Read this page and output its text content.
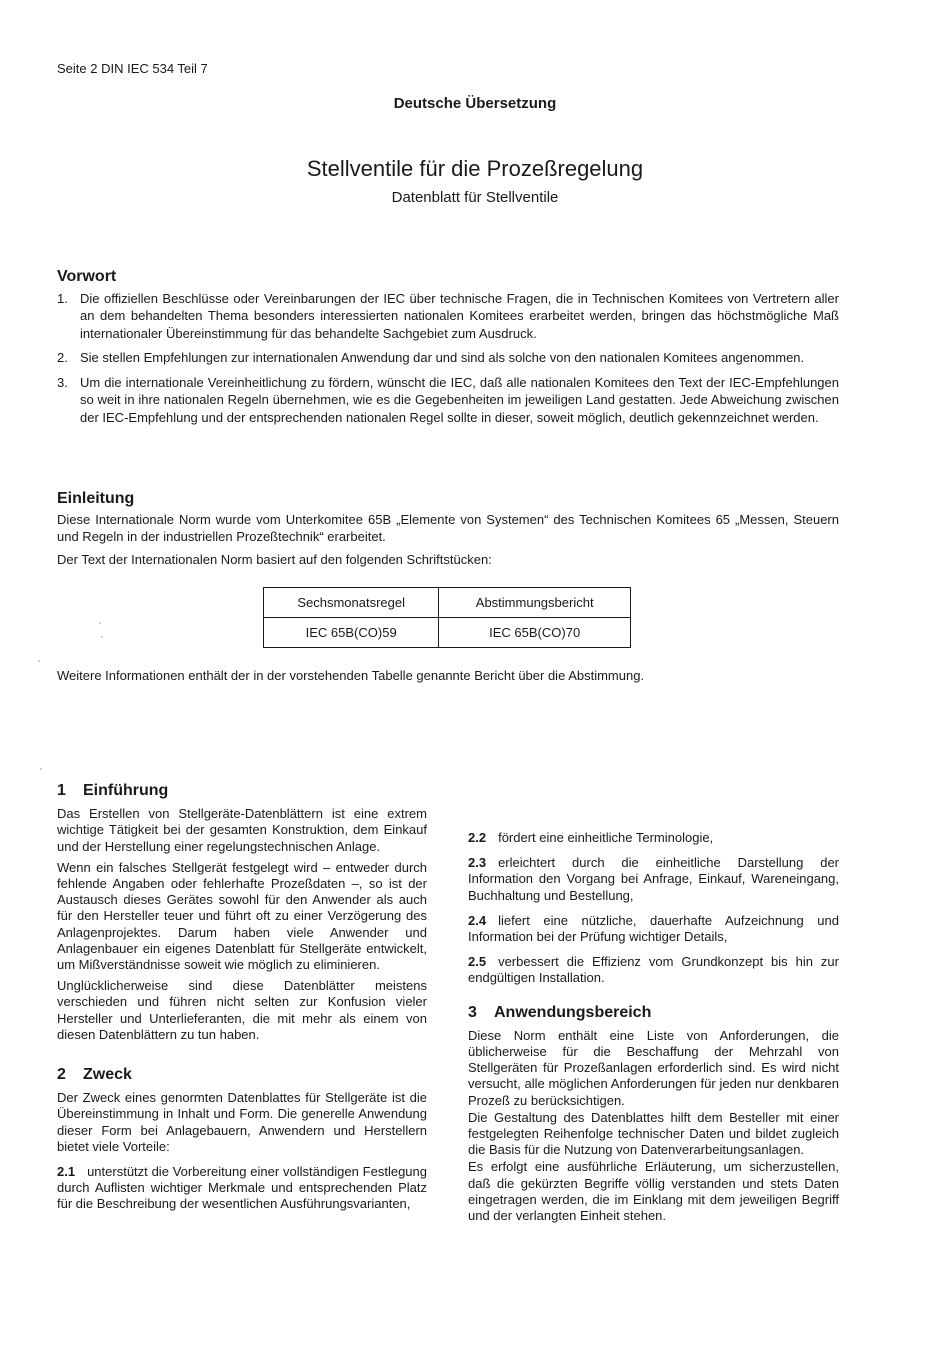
Seite 2 DIN IEC 534 Teil 7
Deutsche Übersetzung
Stellventile für die Prozeßregelung
Datenblatt für Stellventile
Vorwort
1. Die offiziellen Beschlüsse oder Vereinbarungen der IEC über technische Fragen, die in Technischen Komitees von Vertretern aller an dem behandelten Thema besonders interessierten nationalen Komitees erarbeitet werden, bringen das höchstmögliche Maß internationaler Übereinstimmung für das behandelte Sachgebiet zum Ausdruck.
2. Sie stellen Empfehlungen zur internationalen Anwendung dar und sind als solche von den nationalen Komitees angenommen.
3. Um die internationale Vereinheitlichung zu fördern, wünscht die IEC, daß alle nationalen Komitees den Text der IEC-Empfehlungen so weit in ihre nationalen Regeln übernehmen, wie es die Gegebenheiten im jeweiligen Land gestatten. Jede Abweichung zwischen der IEC-Empfehlung und der entsprechenden nationalen Regel sollte in dieser, soweit möglich, deutlich gekennzeichnet werden.
Einleitung

Diese Internationale Norm wurde vom Unterkomitee 65B „Elemente von Systemen“ des Technischen Komitees 65 „Messen, Steuern und Regeln in der industriellen Prozeßtechnik“ erarbeitet.

Der Text der Internationalen Norm basiert auf den folgenden Schriftstücken:

Sechsmonatsregel	Abstimmungsbericht
IEC 65B(CO)59	IEC 65B(CO)70
Weitere Informationen enthält der in der vorstehenden Tabelle genannte Bericht über die Abstimmung.
1 Einführung

Das Erstellen von Stellgeräte-Datenblättern ist eine extrem wichtige Tätigkeit bei der gesamten Konstruktion, dem Einkauf und der Herstellung einer regelungstechnischen Anlage.

Wenn ein falsches Stellgerät festgelegt wird – entweder durch fehlende Angaben oder fehlerhafte Prozeßdaten –, so ist der Austausch dieses Gerätes sowohl für den Anwender als auch für den Hersteller teuer und führt oft zu einer Verzögerung des Anlagenprojektes. Darum haben viele Anwender und Anlagenbauer ein eigenes Datenblatt für Stellgeräte entwickelt, um Mißverständnisse soweit wie möglich zu eliminieren.

Unglücklicherweise sind diese Datenblätter meistens verschieden und führen nicht selten zur Konfusion vieler Hersteller und Unterlieferanten, die mit mehr als einem von diesen Datenblättern zu tun haben.

2 Zweck

Der Zweck eines genormten Datenblattes für Stellgeräte ist die Übereinstimmung in Inhalt und Form. Die generelle Anwendung dieser Form bei Anlagebauern, Anwendern und Herstellern bietet viele Vorteile:

2.1 unterstützt die Vorbereitung einer vollständigen Festlegung durch Auflisten wichtiger Merkmale und entsprechenden Platz für die Beschreibung der wesentlichen Ausführungsvarianten,

2.2 fördert eine einheitliche Terminologie,

2.3 erleichtert durch die einheitliche Darstellung der Information den Vorgang bei Anfrage, Einkauf, Wareneingang, Buchhaltung und Bestellung,

2.4 liefert eine nützliche, dauerhafte Aufzeichnung und Information bei der Prüfung wichtiger Details,

2.5 verbessert die Effizienz vom Grundkonzept bis hin zur endgültigen Installation.

3 Anwendungsbereich

Diese Norm enthält eine Liste von Anforderungen, die üblicherweise für die Beschaffung der Mehrzahl von Stellgeräten für Prozeßanlagen erforderlich sind. Es wird nicht versucht, alle möglichen Anforderungen für jeden nur denkbaren Prozeß zu berücksichtigen.

Die Gestaltung des Datenblattes hilft dem Besteller mit einer festgelegten Reihenfolge technischer Daten und bildet zugleich die Basis für die Nutzung von Datenverarbeitungsanlagen.

Es erfolgt eine ausführliche Erläuterung, um sicherzustellen, daß die gekürzten Begriffe völlig verstanden und stets Daten eingetragen werden, die im Einklang mit dem jeweiligen Begriff und der verlangten Einheit stehen.
